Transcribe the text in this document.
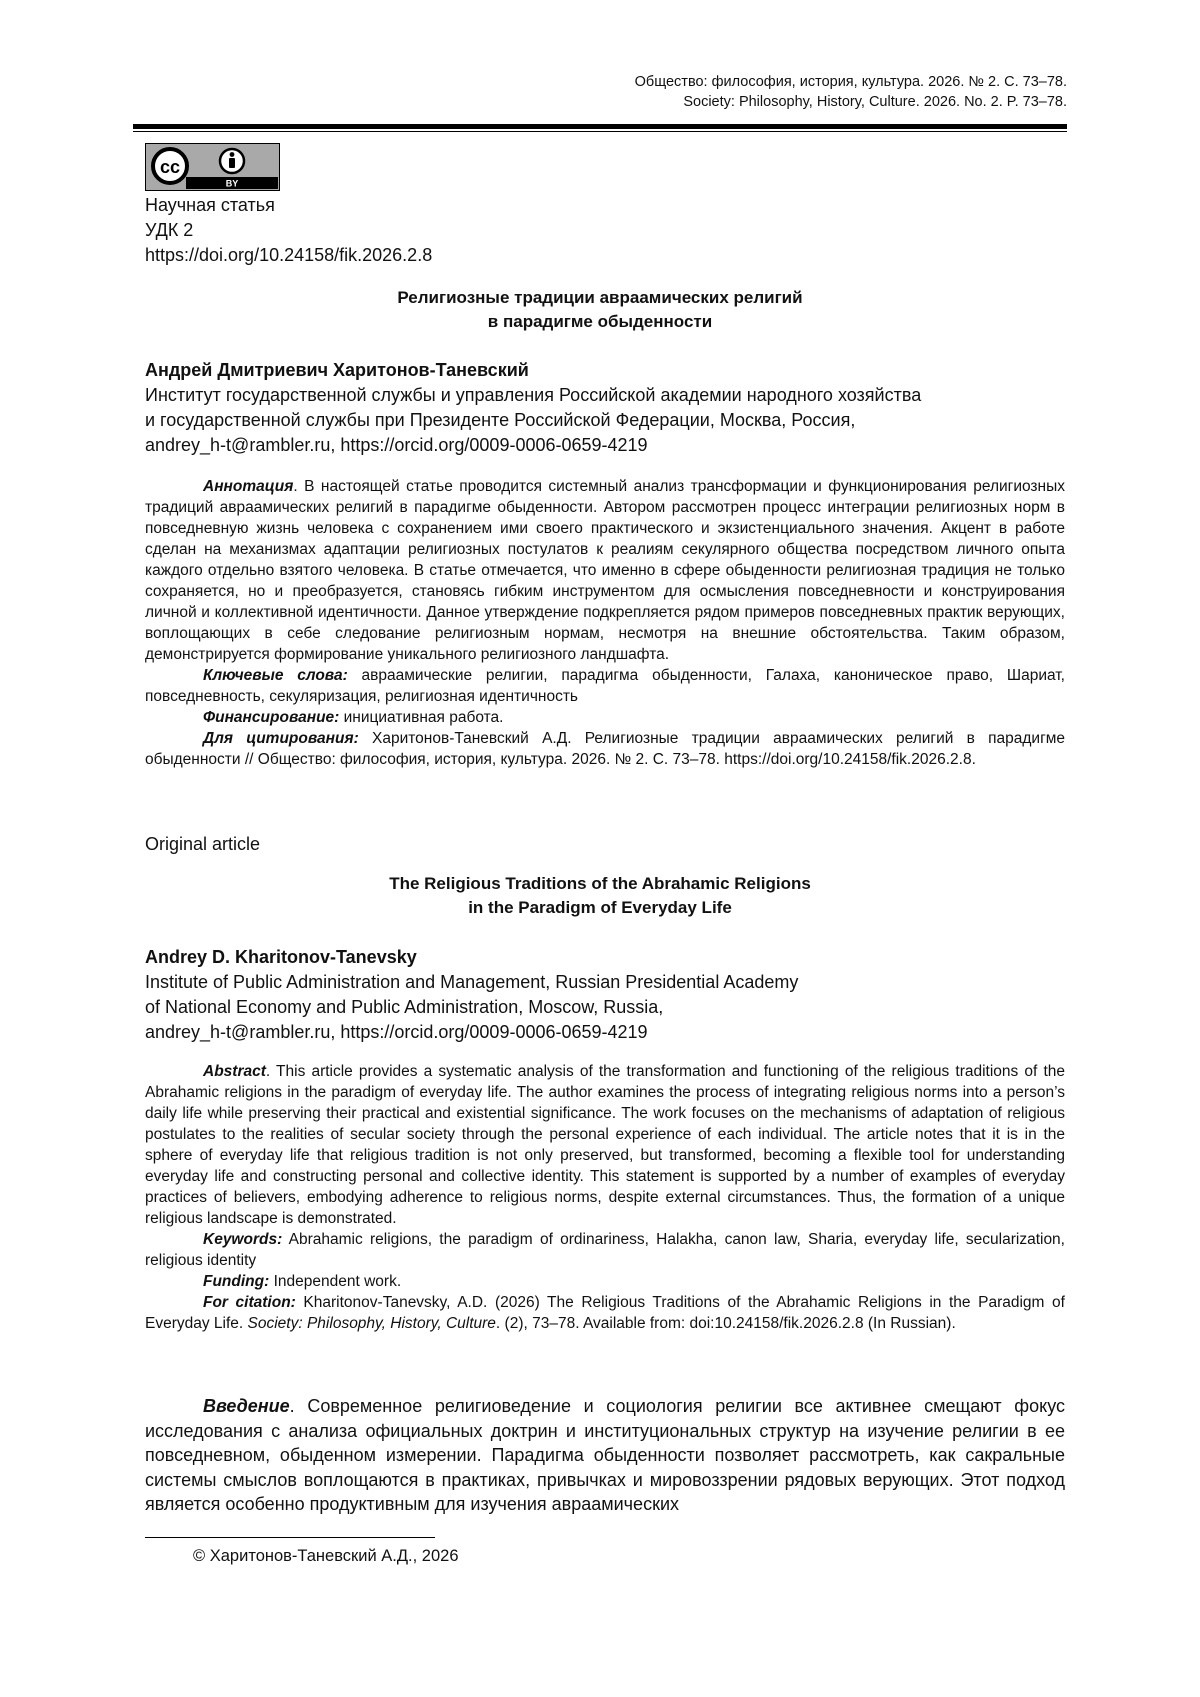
Общество: философия, история, культура. 2026. № 2. С. 73–78.
Society: Philosophy, History, Culture. 2026. No. 2. P. 73–78.
cc
BY
Научная статья
УДК 2
https://doi.org/10.24158/fik.2026.2.8
Религиозные традиции авраамических религий
в парадигме обыденности
Андрей Дмитриевич Харитонов-Таневский
Институт государственной службы и управления Российской академии народного хозяйства
и государственной службы при Президенте Российской Федерации, Москва, Россия,
andrey_h-t@rambler.ru, https://orcid.org/0009-0006-0659-4219

Аннотация. В настоящей статье проводится системный анализ трансформации и функционирования религиозных традиций авраамических религий в парадигме обыденности. Автором рассмотрен процесс интеграции религиозных норм в повседневную жизнь человека с сохранением ими своего практического и экзистенциального значения. Акцент в работе сделан на механизмах адаптации религиозных постулатов к реалиям секулярного общества посредством личного опыта каждого отдельно взятого человека. В статье отмечается, что именно в сфере обыденности религиозная традиция не только сохраняется, но и преобразуется, становясь гибким инструментом для осмысления повседневности и конструирования личной и коллективной идентичности. Данное утверждение подкрепляется рядом примеров повседневных практик верующих, воплощающих в себе следование религиозным нормам, несмотря на внешние обстоятельства. Таким образом, демонстрируется формирование уникального религиозного ландшафта.

Ключевые слова: авраамические религии, парадигма обыденности, Галаха, каноническое право, Шариат, повседневность, секуляризация, религиозная идентичность

Финансирование: инициативная работа.

Для цитирования: Харитонов-Таневский А.Д. Религиозные традиции авраамических религий в парадигме обыденности // Общество: философия, история, культура. 2026. № 2. С. 73–78. https://doi.org/10.24158/fik.2026.2.8.

Original article
The Religious Traditions of the Abrahamic Religions
in the Paradigm of Everyday Life
Andrey D. Kharitonov-Tanevsky
Institute of Public Administration and Management, Russian Presidential Academy
of National Economy and Public Administration, Moscow, Russia,
andrey_h-t@rambler.ru, https://orcid.org/0009-0006-0659-4219

Abstract. This article provides a systematic analysis of the transformation and functioning of the religious traditions of the Abrahamic religions in the paradigm of everyday life. The author examines the process of integrating religious norms into a person’s daily life while preserving their practical and existential significance. The work focuses on the mechanisms of adaptation of religious postulates to the realities of secular society through the personal experience of each individual. The article notes that it is in the sphere of everyday life that religious tradition is not only preserved, but transformed, becoming a flexible tool for understanding everyday life and constructing personal and collective identity. This statement is supported by a number of examples of everyday practices of believers, embodying adherence to religious norms, despite external circumstances. Thus, the formation of a unique religious landscape is demonstrated.

Keywords: Abrahamic religions, the paradigm of ordinariness, Halakha, canon law, Sharia, everyday life, secularization, religious identity

Funding: Independent work.

For citation: Kharitonov-Tanevsky, A.D. (2026) The Religious Traditions of the Abrahamic Religions in the Paradigm of Everyday Life. Society: Philosophy, History, Culture. (2), 73–78. Available from: doi:10.24158/fik.2026.2.8 (In Russian).

Введение. Современное религиоведение и социология религии все активнее смещают фокус исследования с анализа официальных доктрин и институциональных структур на изучение религии в ее повседневном, обыденном измерении. Парадигма обыденности позволяет рассмотреть, как сакральные системы смыслов воплощаются в практиках, привычках и мировоззрении рядовых верующих. Этот подход является особенно продуктивным для изучения авраамических

© Харитонов-Таневский А.Д., 2026
